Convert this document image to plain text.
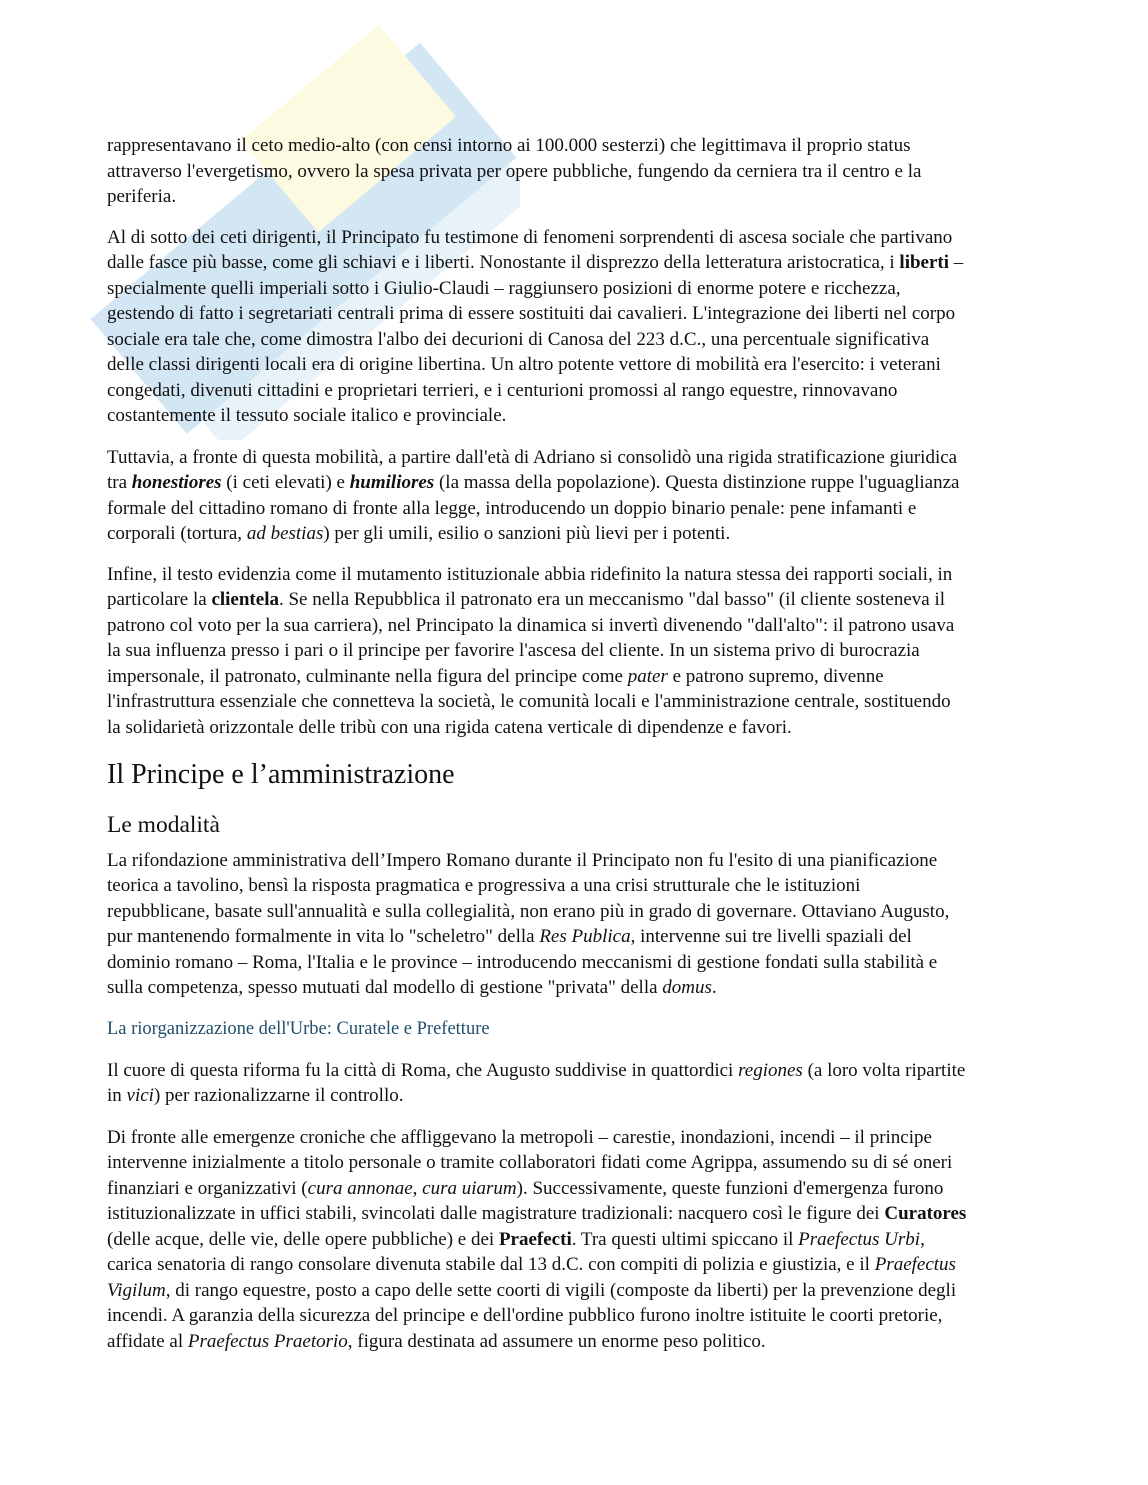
rappresentavano il ceto medio-alto (con censi intorno ai 100.000 sesterzi) che legittimava il proprio status
attraverso l'evergetismo, ovvero la spesa privata per opere pubbliche, fungendo da cerniera tra il centro e la
periferia.

Al di sotto dei ceti dirigenti, il Principato fu testimone di fenomeni sorprendenti di ascesa sociale che partivano
dalle fasce più basse, come gli schiavi e i liberti. Nonostante il disprezzo della letteratura aristocratica, i liberti –
specialmente quelli imperiali sotto i Giulio-Claudi – raggiunsero posizioni di enorme potere e ricchezza,
gestendo di fatto i segretariati centrali prima di essere sostituiti dai cavalieri. L'integrazione dei liberti nel corpo
sociale era tale che, come dimostra l'albo dei decurioni di Canosa del 223 d.C., una percentuale significativa
delle classi dirigenti locali era di origine libertina. Un altro potente vettore di mobilità era l'esercito: i veterani
congedati, divenuti cittadini e proprietari terrieri, e i centurioni promossi al rango equestre, rinnovavano
costantemente il tessuto sociale italico e provinciale.

Tuttavia, a fronte di questa mobilità, a partire dall'età di Adriano si consolidò una rigida stratificazione giuridica
tra honestiores (i ceti elevati) e humiliores (la massa della popolazione). Questa distinzione ruppe l'uguaglianza
formale del cittadino romano di fronte alla legge, introducendo un doppio binario penale: pene infamanti e
corporali (tortura, ad bestias) per gli umili, esilio o sanzioni più lievi per i potenti.

Infine, il testo evidenzia come il mutamento istituzionale abbia ridefinito la natura stessa dei rapporti sociali, in
particolare la clientela. Se nella Repubblica il patronato era un meccanismo "dal basso" (il cliente sosteneva il
patrono col voto per la sua carriera), nel Principato la dinamica si invertì divenendo "dall'alto": il patrono usava
la sua influenza presso i pari o il principe per favorire l'ascesa del cliente. In un sistema privo di burocrazia
impersonale, il patronato, culminante nella figura del principe come pater e patrono supremo, divenne
l'infrastruttura essenziale che connetteva la società, le comunità locali e l'amministrazione centrale, sostituendo
la solidarietà orizzontale delle tribù con una rigida catena verticale di dipendenze e favori.

Il Principe e l’amministrazione
Le modalità

La rifondazione amministrativa dell’Impero Romano durante il Principato non fu l'esito di una pianificazione
teorica a tavolino, bensì la risposta pragmatica e progressiva a una crisi strutturale che le istituzioni
repubblicane, basate sull'annualità e sulla collegialità, non erano più in grado di governare. Ottaviano Augusto,
pur mantenendo formalmente in vita lo "scheletro" della Res Publica, intervenne sui tre livelli spaziali del
dominio romano – Roma, l'Italia e le province – introducendo meccanismi di gestione fondati sulla stabilità e
sulla competenza, spesso mutuati dal modello di gestione "privata" della domus.

La riorganizzazione dell'Urbe: Curatele e Prefetture

Il cuore di questa riforma fu la città di Roma, che Augusto suddivise in quattordici regiones (a loro volta ripartite
in vici) per razionalizzarne il controllo.

Di fronte alle emergenze croniche che affliggevano la metropoli – carestie, inondazioni, incendi – il principe
intervenne inizialmente a titolo personale o tramite collaboratori fidati come Agrippa, assumendo su di sé oneri
finanziari e organizzativi (cura annonae, cura uiarum). Successivamente, queste funzioni d'emergenza furono
istituzionalizzate in uffici stabili, svincolati dalle magistrature tradizionali: nacquero così le figure dei Curatores
(delle acque, delle vie, delle opere pubbliche) e dei Praefecti. Tra questi ultimi spiccano il Praefectus Urbi,
carica senatoria di rango consolare divenuta stabile dal 13 d.C. con compiti di polizia e giustizia, e il Praefectus
Vigilum, di rango equestre, posto a capo delle sette coorti di vigili (composte da liberti) per la prevenzione degli
incendi. A garanzia della sicurezza del principe e dell'ordine pubblico furono inoltre istituite le coorti pretorie,
affidate al Praefectus Praetorio, figura destinata ad assumere un enorme peso politico.
